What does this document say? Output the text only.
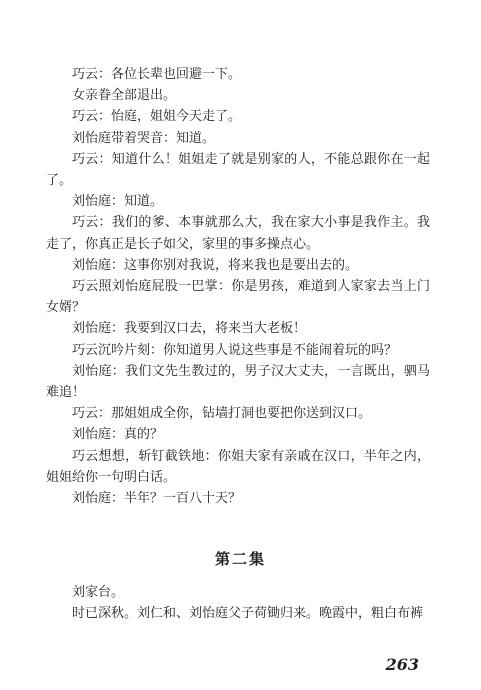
巧云：各位长辈也回避一下。

女亲眷全部退出。

巧云：怡庭，姐姐今天走了。

刘怡庭带着哭音：知道。

巧云：知道什么！姐姐走了就是别家的人，不能总跟你在一起了。

刘怡庭：知道。

巧云：我们的爹、本事就那么大，我在家大小事是我作主。我走了，你真正是长子如父，家里的事多操点心。

刘怡庭：这事你别对我说，将来我也是要出去的。

巧云照刘怡庭屁股一巴掌：你是男孩，难道到人家家去当上门女婿？

刘怡庭：我要到汉口去，将来当大老板！

巧云沉吟片刻：你知道男人说这些事是不能闹着玩的吗？

刘怡庭：我们文先生教过的，男子汉大丈夫，一言既出，驷马难追！

巧云：那姐姐成全你，钻墙打洞也要把你送到汉口。

刘怡庭：真的？

巧云想想，斩钉截铁地：你姐夫家有亲戚在汉口，半年之内，姐姐给你一句明白话。

刘怡庭：半年？一百八十天？

第二集

刘家台。

时已深秋。刘仁和、刘怡庭父子荷锄归来。晚霞中，粗白布裤

263
